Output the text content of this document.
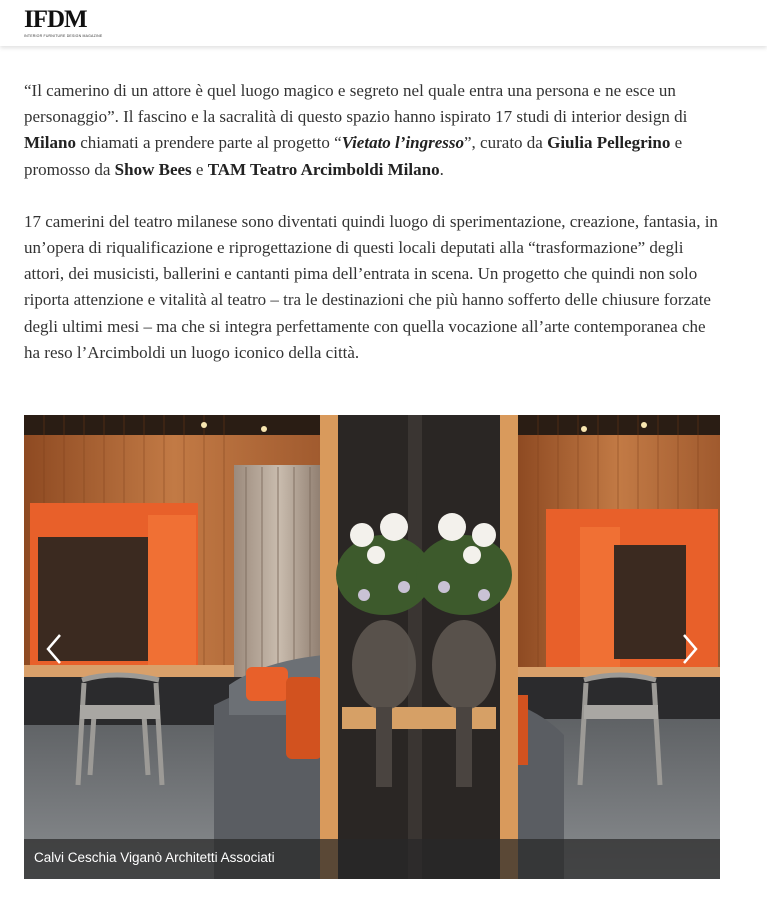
IFDM
INTERIOR FURNITURE DESIGN MAGAZINE

“Il camerino di un attore è quel luogo magico e segreto nel quale entra una persona e ne esce un personaggio”. Il fascino e la sacralità di questo spazio hanno ispirato 17 studi di interior design di Milano chiamati a prendere parte al progetto “Vietato l’ingresso”, curato da Giulia Pellegrino e promosso da Show Bees e TAM Teatro Arcimboldi Milano.

17 camerini del teatro milanese sono diventati quindi luogo di sperimentazione, creazione, fantasia, in un’opera di riqualificazione e riprogettazione di questi locali deputati alla “trasformazione” degli attori, dei musicisti, ballerini e cantanti pima dell’entrata in scena. Un progetto che quindi non solo riporta attenzione e vitalità al teatro – tra le destinazioni che più hanno sofferto delle chiusure forzate degli ultimi mesi – ma che si integra perfettamente con quella vocazione all’arte contemporanea che ha reso l’Arcimboldi un luogo iconico della città.

Calvi Ceschia Viganò Architetti Associati
